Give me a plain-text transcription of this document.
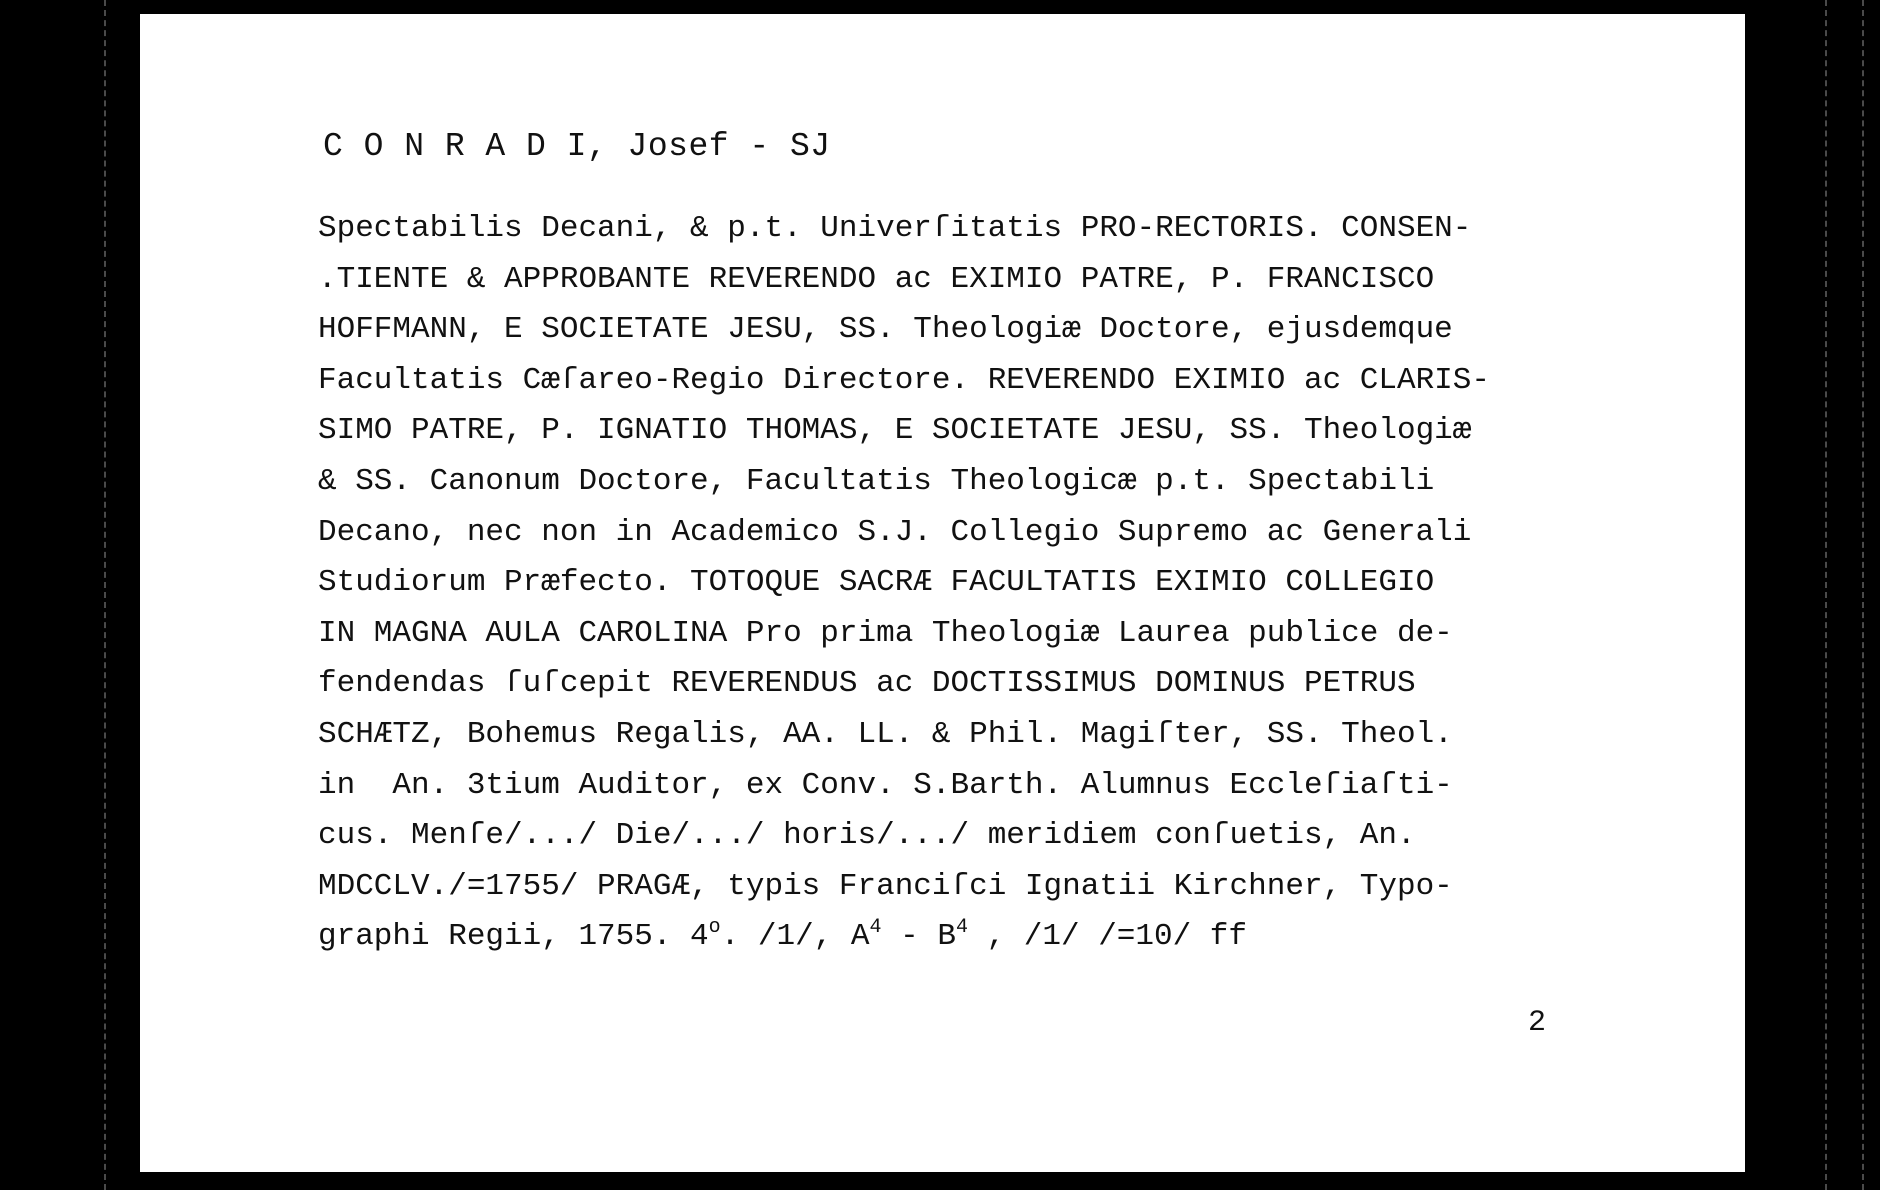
C O N R A D I, Josef - SJ
Spectabilis Decani, & p.t. Univerſitatis PRO-RECTORIS. CONSEN-
.TIENTE & APPROBANTE REVERENDO ac EXIMIO PATRE, P. FRANCISCO
HOFFMANN, E SOCIETATE JESU, SS. Theologiæ Doctore, ejusdemque
Facultatis Cæſareo-Regio Directore. REVERENDO EXIMIO ac CLARIS-
SIMO PATRE, P. IGNATIO THOMAS, E SOCIETATE JESU, SS. Theologiæ
& SS. Canonum Doctore, Facultatis Theologicæ p.t. Spectabili
Decano, nec non in Academico S.J. Collegio Supremo ac Generali
Studiorum Præfecto. TOTOQUE SACRÆ FACULTATIS EXIMIO COLLEGIO
IN MAGNA AULA CAROLINA Pro prima Theologiæ Laurea publice de-
fendendas ſuſcepit REVERENDUS ac DOCTISSIMUS DOMINUS PETRUS
SCHÆTZ, Bohemus Regalis, AA. LL. & Phil. Magiſter, SS. Theol.
in  An. 3tium Auditor, ex Conv. S.Barth. Alumnus Eccleſiaſti-
cus. Menſe/.../ Die/.../ horis/.../ meridiem conſuetis, An.
MDCCLV./=1755/ PRAGÆ, typis Franciſci Ignatii Kirchner, Typo-
graphi Regii, 1755. 4$^o$. /1/, $A^4 - B^4$ , /1/ /=10/ ff
2
